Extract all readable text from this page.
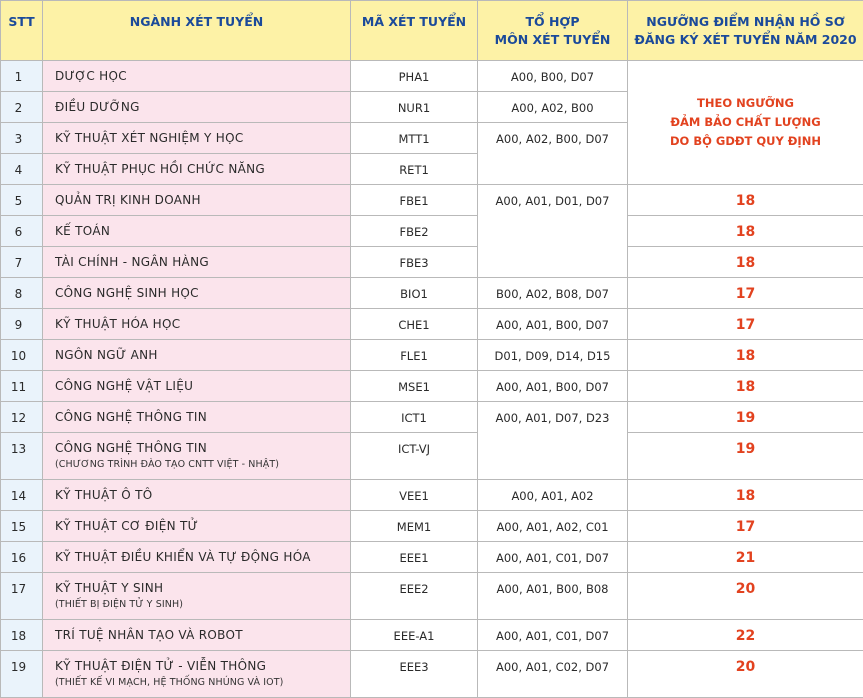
STT	NGÀNH XÉT TUYỂN	MÃ XÉT TUYỂN	TỔ HỢP
MÔN XÉT TUYỂN	NGƯỠNG ĐIỂM NHẬN HỒ SƠ
ĐĂNG KÝ XÉT TUYỂN NĂM 2020
1	DƯỢC HỌC	PHA1	A00, B00, D07	THEO NGƯỠNG
ĐẢM BẢO CHẤT LƯỢNG
DO BỘ GDĐT QUY ĐỊNH
2	ĐIỀU DƯỠNG	NUR1	A00, A02, B00	
3	KỸ THUẬT XÉT NGHIỆM Y HỌC	MTT1	A00, A02, B00, D07	
4	KỸ THUẬT PHỤC HỒI CHỨC NĂNG	RET1		
5	QUẢN TRỊ KINH DOANH	FBE1	A00, A01, D01, D07	18
6	KẾ TOÁN	FBE2		18
7	TÀI CHÍNH - NGÂN HÀNG	FBE3		18
8	CÔNG NGHỆ SINH HỌC	BIO1	B00, A02, B08, D07	17
9	KỸ THUẬT HÓA HỌC	CHE1	A00, A01, B00, D07	17
10	NGÔN NGỮ ANH	FLE1	D01, D09, D14, D15	18
11	CÔNG NGHỆ VẬT LIỆU	MSE1	A00, A01, B00, D07	18
12	CÔNG NGHỆ THÔNG TIN	ICT1	A00, A01, D07, D23	19
13	CÔNG NGHỆ THÔNG TIN
(CHƯƠNG TRÌNH ĐÀO TẠO CNTT VIỆT - NHẬT)	ICT-VJ		19
14	KỸ THUẬT Ô TÔ	VEE1	A00, A01, A02	18
15	KỸ THUẬT CƠ ĐIỆN TỬ	MEM1	A00, A01, A02, C01	17
16	KỸ THUẬT ĐIỀU KHIỂN VÀ TỰ ĐỘNG HÓA	EEE1	A00, A01, C01, D07	21
17	KỸ THUẬT Y SINH
(THIẾT BỊ ĐIỆN TỬ Y SINH)	EEE2	A00, A01, B00, B08	20
18	TRÍ TUỆ NHÂN TẠO VÀ ROBOT	EEE-A1	A00, A01, C01, D07	22
19	KỸ THUẬT ĐIỆN TỬ - VIỄN THÔNG
(THIẾT KẾ VI MẠCH, HỆ THỐNG NHÚNG VÀ IOT)	EEE3	A00, A01, C02, D07	20
